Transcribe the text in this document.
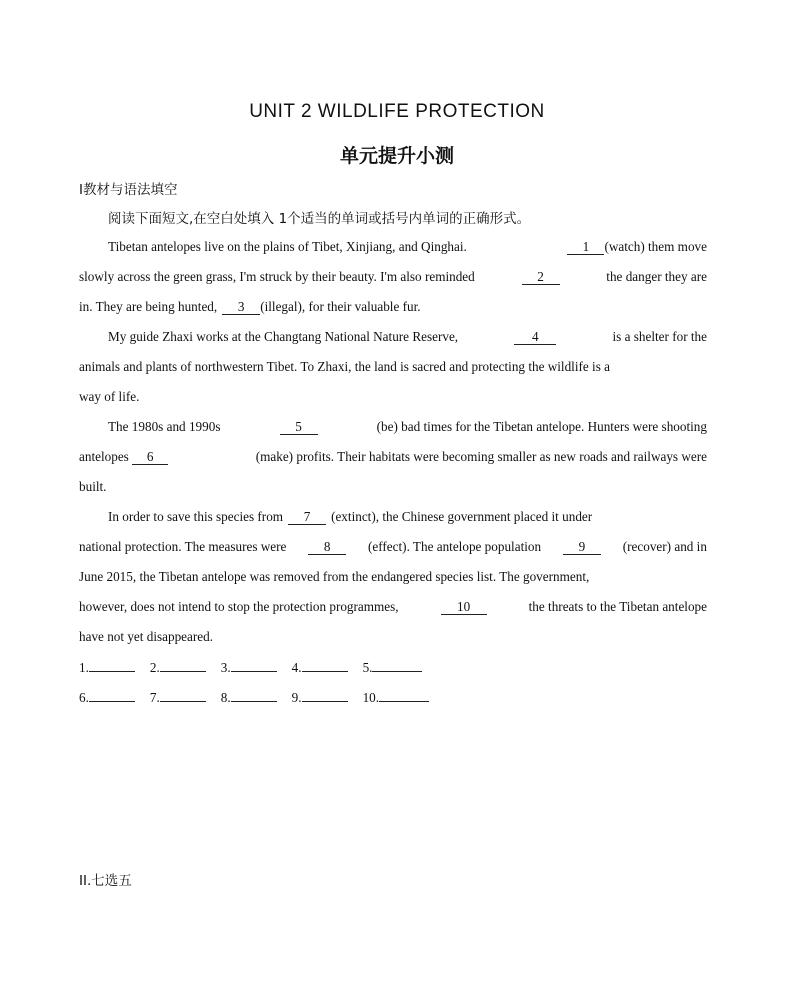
UNIT 2 WILDLIFE PROTECTION
单元提升小测
I教材与语法填空
阅读下面短文,在空白处填入 1个适当的单词或括号内单词的正确形式。
Tibetan antelopes live on the plains of Tibet, Xinjiang, and Qinghai.	1 (watch) them move
slowly across the green grass, I'm struck by their beauty. I'm also reminded	2	the danger they are
in. They are being hunted,	3	(illegal), for their valuable fur.
My guide Zhaxi works at the Changtang National Nature Reserve,	4	is a shelter for the
animals and plants of northwestern Tibet. To Zhaxi, the land is sacred and protecting the wildlife is a
way of life.
The 1980s and 1990s	5	(be) bad times for the Tibetan antelope. Hunters were shooting
antelopes 6	(make) profits. Their habitats were becoming smaller as new roads and railways were
built.
In order to save this species from	7	(extinct), the Chinese government placed it under
national protection. The measures were	8	(effect). The antelope population	9	(recover) and in
June 2015, the Tibetan antelope was removed from the endangered species list. The government,
however, does not intend to stop the protection programmes,	10	the threats to the Tibetan antelope
have not yet disappeared.
1.	2.	3.	4.	5.
6.	7.	8.	9.	10.
II.七选五
